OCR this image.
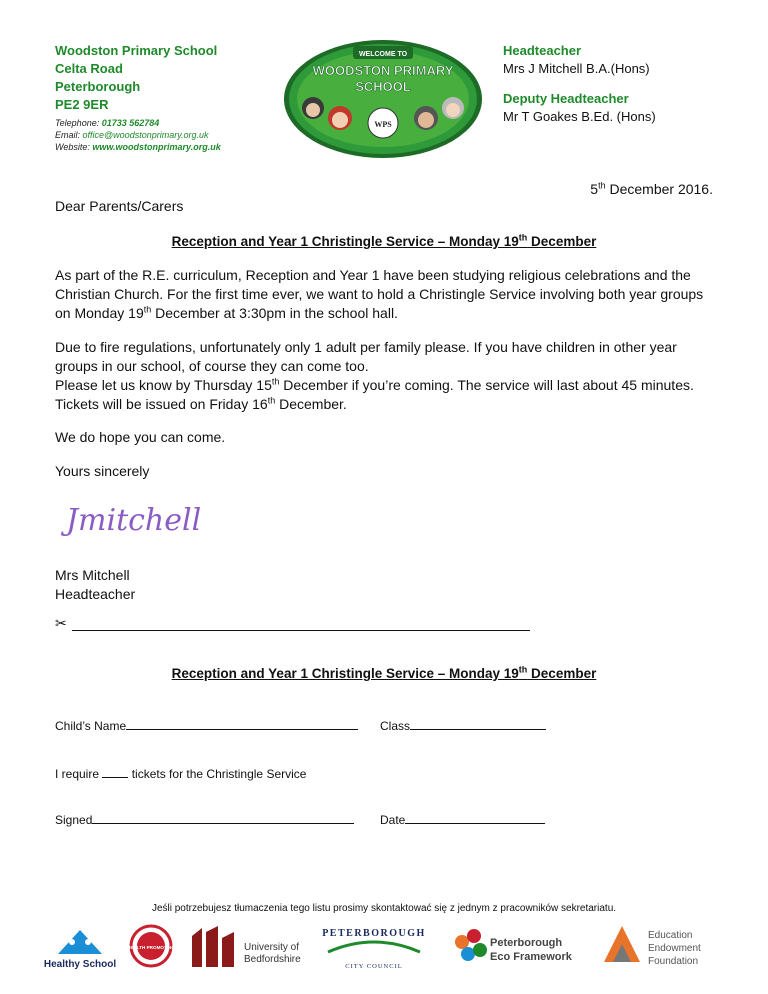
Woodston Primary School
Celta Road
Peterborough
PE2 9ER
Telephone: 01733 562784
Email: office@woodstonprimary.org.uk
Website: www.woodstonprimary.org.uk
WELCOME TO
WOODSTON PRIMARY
SCHOOL
WPS
Headteacher
Mrs J Mitchell B.A.(Hons)
Deputy Headteacher
Mr T Goakes B.Ed. (Hons)
5th December 2016.
Dear Parents/Carers
Reception and Year 1 Christingle Service – Monday 19th December
As part of the R.E. curriculum, Reception and Year 1 have been studying religious celebrations and the Christian Church. For the first time ever, we want to hold a Christingle Service involving both year groups on Monday 19th December at 3:30pm in the school hall.
Due to fire regulations, unfortunately only 1 adult per family please. If you have children in other year groups in our school, of course they can come too.
Please let us know by Thursday 15th December if you’re coming. The service will last about 45 minutes.
Tickets will be issued on Friday 16th December.
We do hope you can come.
Yours sincerely
Jmitchell
Mrs Mitchell
Headteacher
✂
Reception and Year 1 Christingle Service – Monday 19th December
Child’s Name	Class
I require	tickets for the Christingle Service
Signed	Date
Jeśli potrzebujesz tłumaczenia tego listu prosimy skontaktować się z jednym z pracowników sekretariatu.
Healthy School
HEALTH PROMOTING	University of
Bedfordshire
PETERBOROUGH
CITY COUNCIL
Peterborough
Eco Framework
Education
Endowment
Foundation
